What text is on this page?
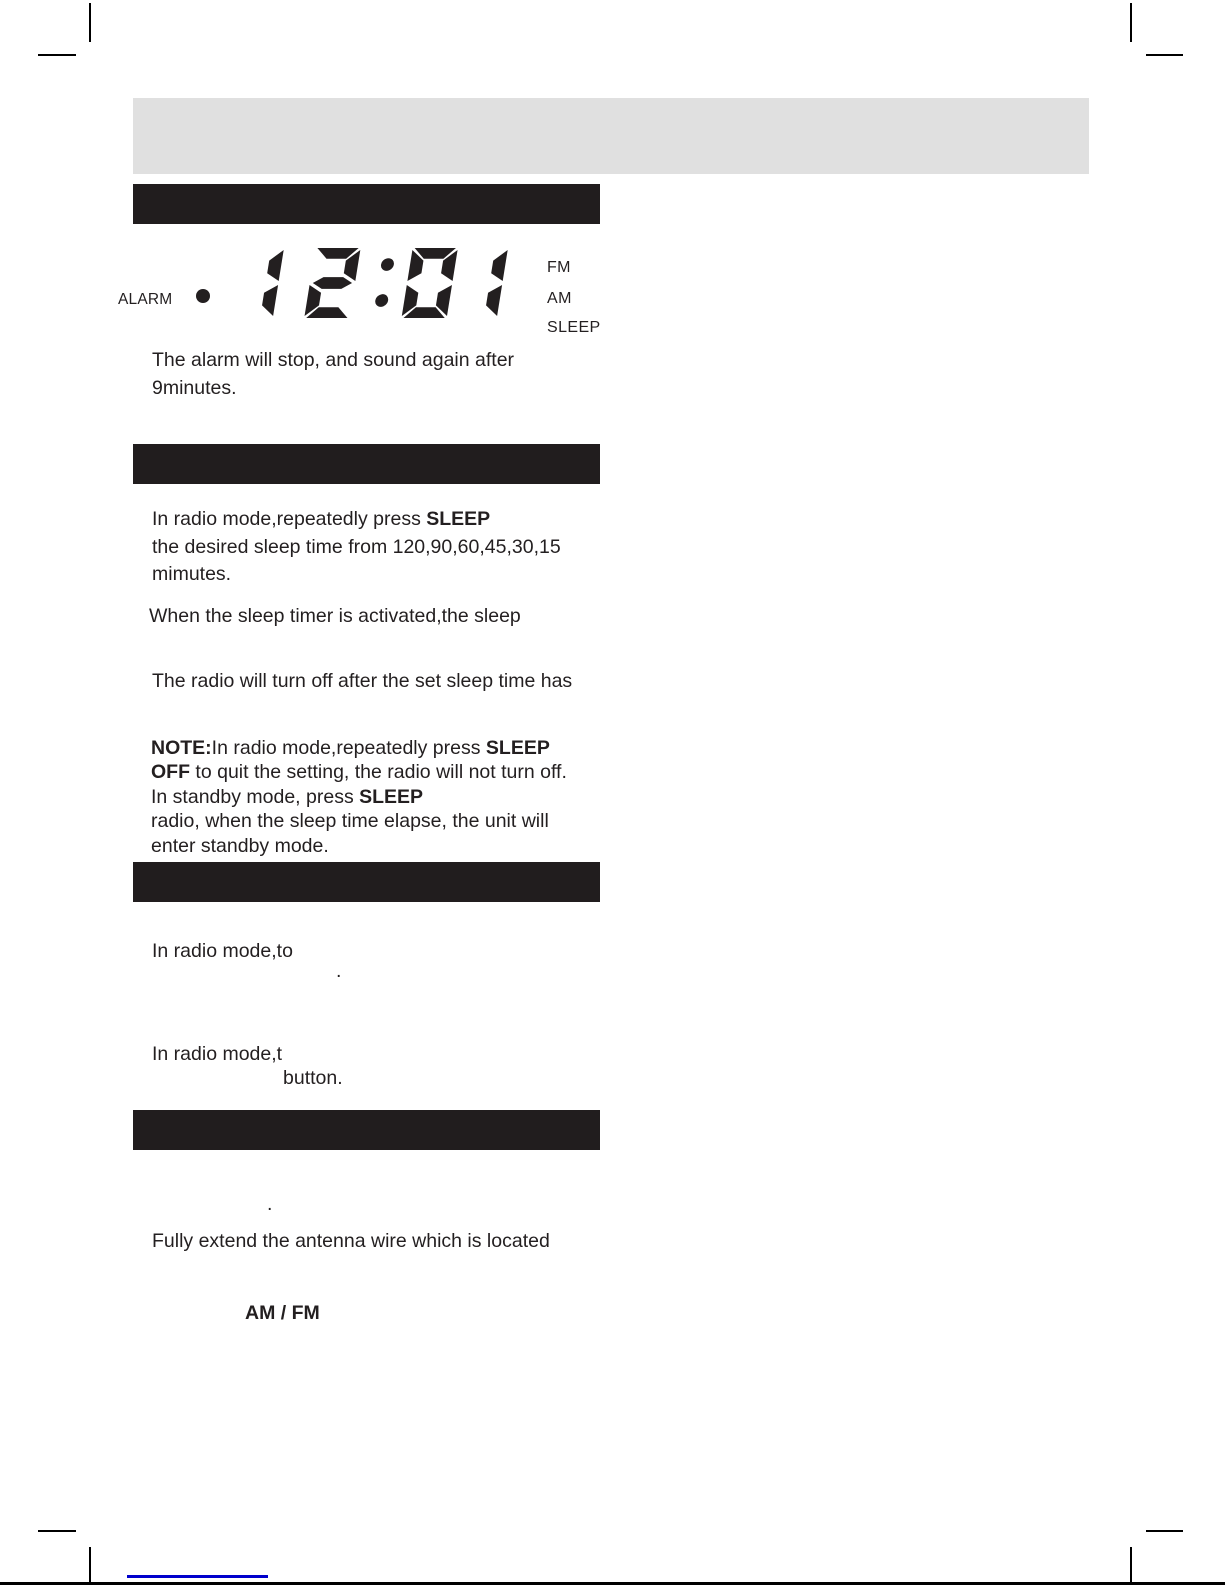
ALARM
FM
AM
SLEEP
The alarm will stop, and sound again after
9minutes.
In radio mode,repeatedly press SLEEP
the desired sleep time from 120,90,60,45,30,15
mimutes.
When the sleep timer is activated,the sleep
The radio will turn off after the set sleep time has
NOTE:In radio mode,repeatedly press SLEEP
OFF to quit the setting, the radio will not turn off.
In standby mode, press SLEEP
radio, when the sleep time elapse, the unit will
enter standby mode.
In radio mode,to
.
In radio mode,t
button.
.
Fully extend the antenna wire which is located
AM / FM
